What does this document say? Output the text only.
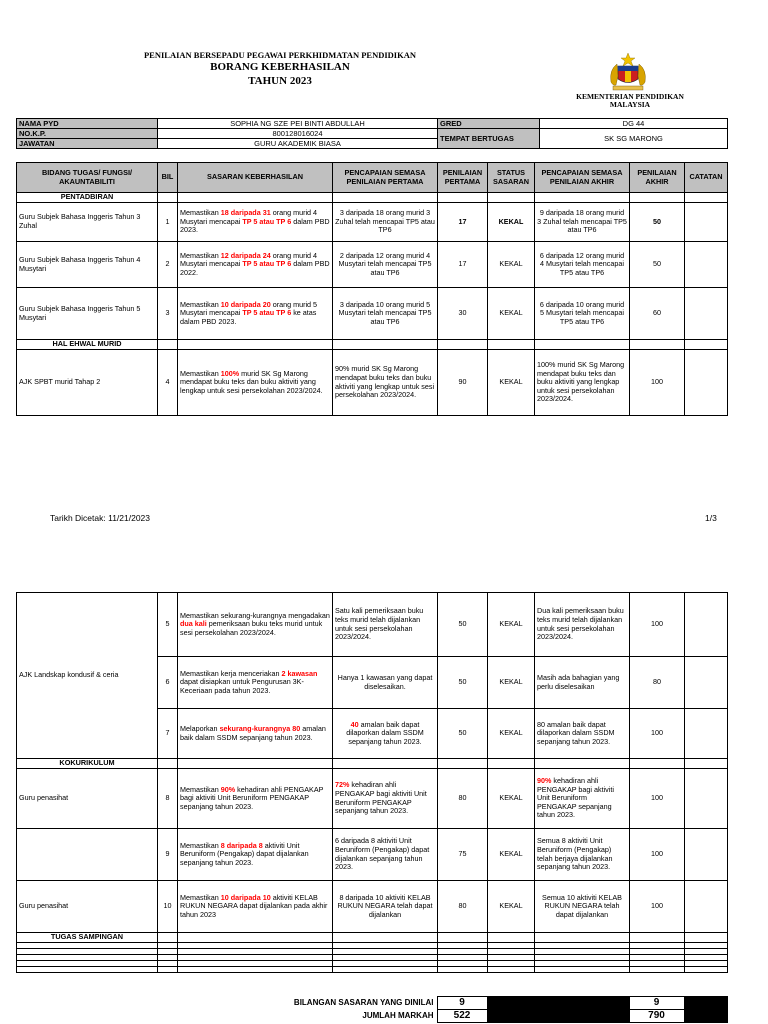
PENILAIAN BERSEPADU PEGAWAI PERKHIDMATAN PENDIDIKAN
BORANG KEBERHASILAN
TAHUN 2023
KEMENTERIAN PENDIDIKAN MALAYSIA
NAMA PYD	SOPHIA NG SZE PEI BINTI ABDULLAH	GRED	DG 44
NO.K.P.	800128016024	TEMPAT BERTUGAS	SK SG MARONG
JAWATAN	GURU AKADEMIK BIASA		
BIDANG TUGAS/ FUNGSI/ AKAUNTABILITI	BIL	SASARAN KEBERHASILAN	PENCAPAIAN SEMASA PENILAIAN PERTAMA	PENILAIAN PERTAMA	STATUS SASARAN	PENCAPAIAN SEMASA PENILAIAN AKHIR	PENILAIAN AKHIR	CATATAN
PENTADBIRAN								
Guru Subjek Bahasa Inggeris Tahun 3 Zuhal	1	Memastikan 18 daripada 31 orang murid 4 Musytari mencapai TP 5 atau TP 6 dalam PBD 2023.	3 daripada 18 orang murid 3 Zuhal telah mencapai TP5 atau TP6	17	KEKAL	9 daripada 18 orang murid 3 Zuhal telah mencapai TP5 atau TP6	50	
Guru Subjek Bahasa Inggeris Tahun 4 Musytari	2	Memastikan 12 daripada 24 orang murid 4 Musytari mencapai TP 5 atau TP 6 dalam PBD 2022.	2 daripada 12 orang murid 4 Musytari telah mencapai TP5 atau TP6	17	KEKAL	6 daripada 12 orang murid 4 Musytari telah mencapai TP5 atau TP6	50	
Guru Subjek Bahasa Inggeris Tahun 5 Musytari	3	Memastikan 10 daripada 20 orang murid 5 Musytari mencapai TP 5 atau TP 6 ke atas dalam PBD 2023.	3 daripada 10 orang murid 5 Musytari telah mencapai TP5 atau TP6	30	KEKAL	6 daripada 10 orang murid 5 Musytari telah mencapai TP5 atau TP6	60	
HAL EHWAL MURID								
AJK SPBT murid Tahap 2	4	Memastikan 100% murid SK Sg Marong mendapat buku teks dan buku aktiviti yang lengkap untuk sesi persekolahan 2023/2024.	90% murid SK Sg Marong mendapat buku teks dan buku aktiviti yang lengkap untuk sesi persekolahan 2023/2024.	90	KEKAL	100% murid SK Sg Marong mendapat buku teks dan buku aktiviti yang lengkap untuk sesi persekolahan 2023/2024.	100	
Tarikh Dicetak: 11/21/2023	1/3
AJK Landskap kondusif & ceria	5	Memastikan sekurang-kurangnya mengadakan dua kali pemeriksaan buku teks murid untuk sesi persekolahan 2023/2024.	Satu kali pemeriksaan buku teks murid telah dijalankan untuk sesi persekolahan 2023/2024.	50	KEKAL	Dua kali pemeriksaan buku teks murid telah dijalankan untuk sesi persekolahan 2023/2024.	100	
	6	Memastikan kerja menceriakan 2 kawasan dapat disiapkan untuk Pengurusan 3K-Keceriaan pada tahun 2023.	Hanya 1 kawasan yang dapat diselesaikan.	50	KEKAL	Masih ada bahagian yang perlu diselesaikan	80	
	7	Melaporkan sekurang-kurangnya 80 amalan baik dalam SSDM sepanjang tahun 2023.	40 amalan baik dapat dilaporkan dalam SSDM sepanjang tahun 2023.	50	KEKAL	80 amalan baik dapat dilaporkan dalam SSDM sepanjang tahun 2023.	100	
KOKURIKULUM								
Guru penasihat	8	Memastikan 90% kehadiran ahli PENGAKAP bagi aktiviti Unit Beruniform PENGAKAP sepanjang tahun 2023.	72% kehadiran ahli PENGAKAP bagi aktiviti Unit Beruniform PENGAKAP sepanjang tahun 2023.	80	KEKAL	90% kehadiran ahli PENGAKAP bagi aktiviti Unit Beruniform PENGAKAP sepanjang tahun 2023.	100	
	9	Memastikan 8 daripada 8 aktiviti Unit Beruniform (Pengakap) dapat dijalankan sepanjang tahun 2023.	6 daripada 8 aktiviti Unit Beruniform (Pengakap) dapat dijalankan sepanjang tahun 2023.	75	KEKAL	Semua 8 aktiviti Unit Beruniform (Pengakap) telah berjaya dijalankan sepanjang tahun 2023.	100	
Guru penasihat	10	Memastikan 10 daripada 10 aktiviti KELAB RUKUN NEGARA dapat dijalankan pada akhir tahun 2023	8 daripada 10 aktiviti KELAB RUKUN NEGARA telah dapat dijalankan	80	KEKAL	Semua 10 aktiviti KELAB RUKUN NEGARA telah dapat dijalankan	100	
TUGAS SAMPINGAN								

BILANGAN SASARAN YANG DINILAI	9			9	
JUMLAH MARKAH	522			790	
